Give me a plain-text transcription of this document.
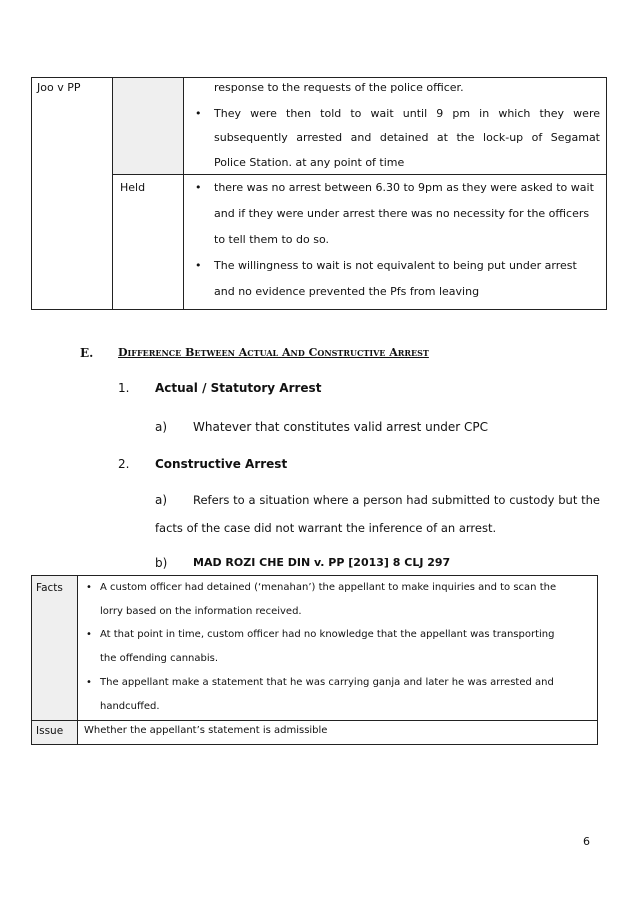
Joo v PP
Held
response to the requests of the police officer.
• They were then told to wait until 9 pm in which they were
subsequently arrested and detained at the lock-up of Segamat
Police Station. at any point of time
• there was no arrest between 6.30 to 9pm as they were asked to wait
and if they were under arrest there was no necessity for the officers
to tell them to do so.
• The willingness to wait is not equivalent to being put under arrest
and no evidence prevented the Pfs from leaving
E. Difference Between Actual And Constructive Arrest
1. Actual / Statutory Arrest
a) Whatever that constitutes valid arrest under CPC
2. Constructive Arrest
a) Refers to a situation where a person had submitted to custody but the
facts of the case did not warrant the inference of an arrest.
b) MAD ROZI CHE DIN v. PP [2013] 8 CLJ 297
Facts
Issue
• A custom officer had detained (‘menahan’) the appellant to make inquiries and to scan the
lorry based on the information received.
• At that point in time, custom officer had no knowledge that the appellant was transporting
the offending cannabis.
• The appellant make a statement that he was carrying ganja and later he was arrested and
handcuffed.
Whether the appellant’s statement is admissible
6
